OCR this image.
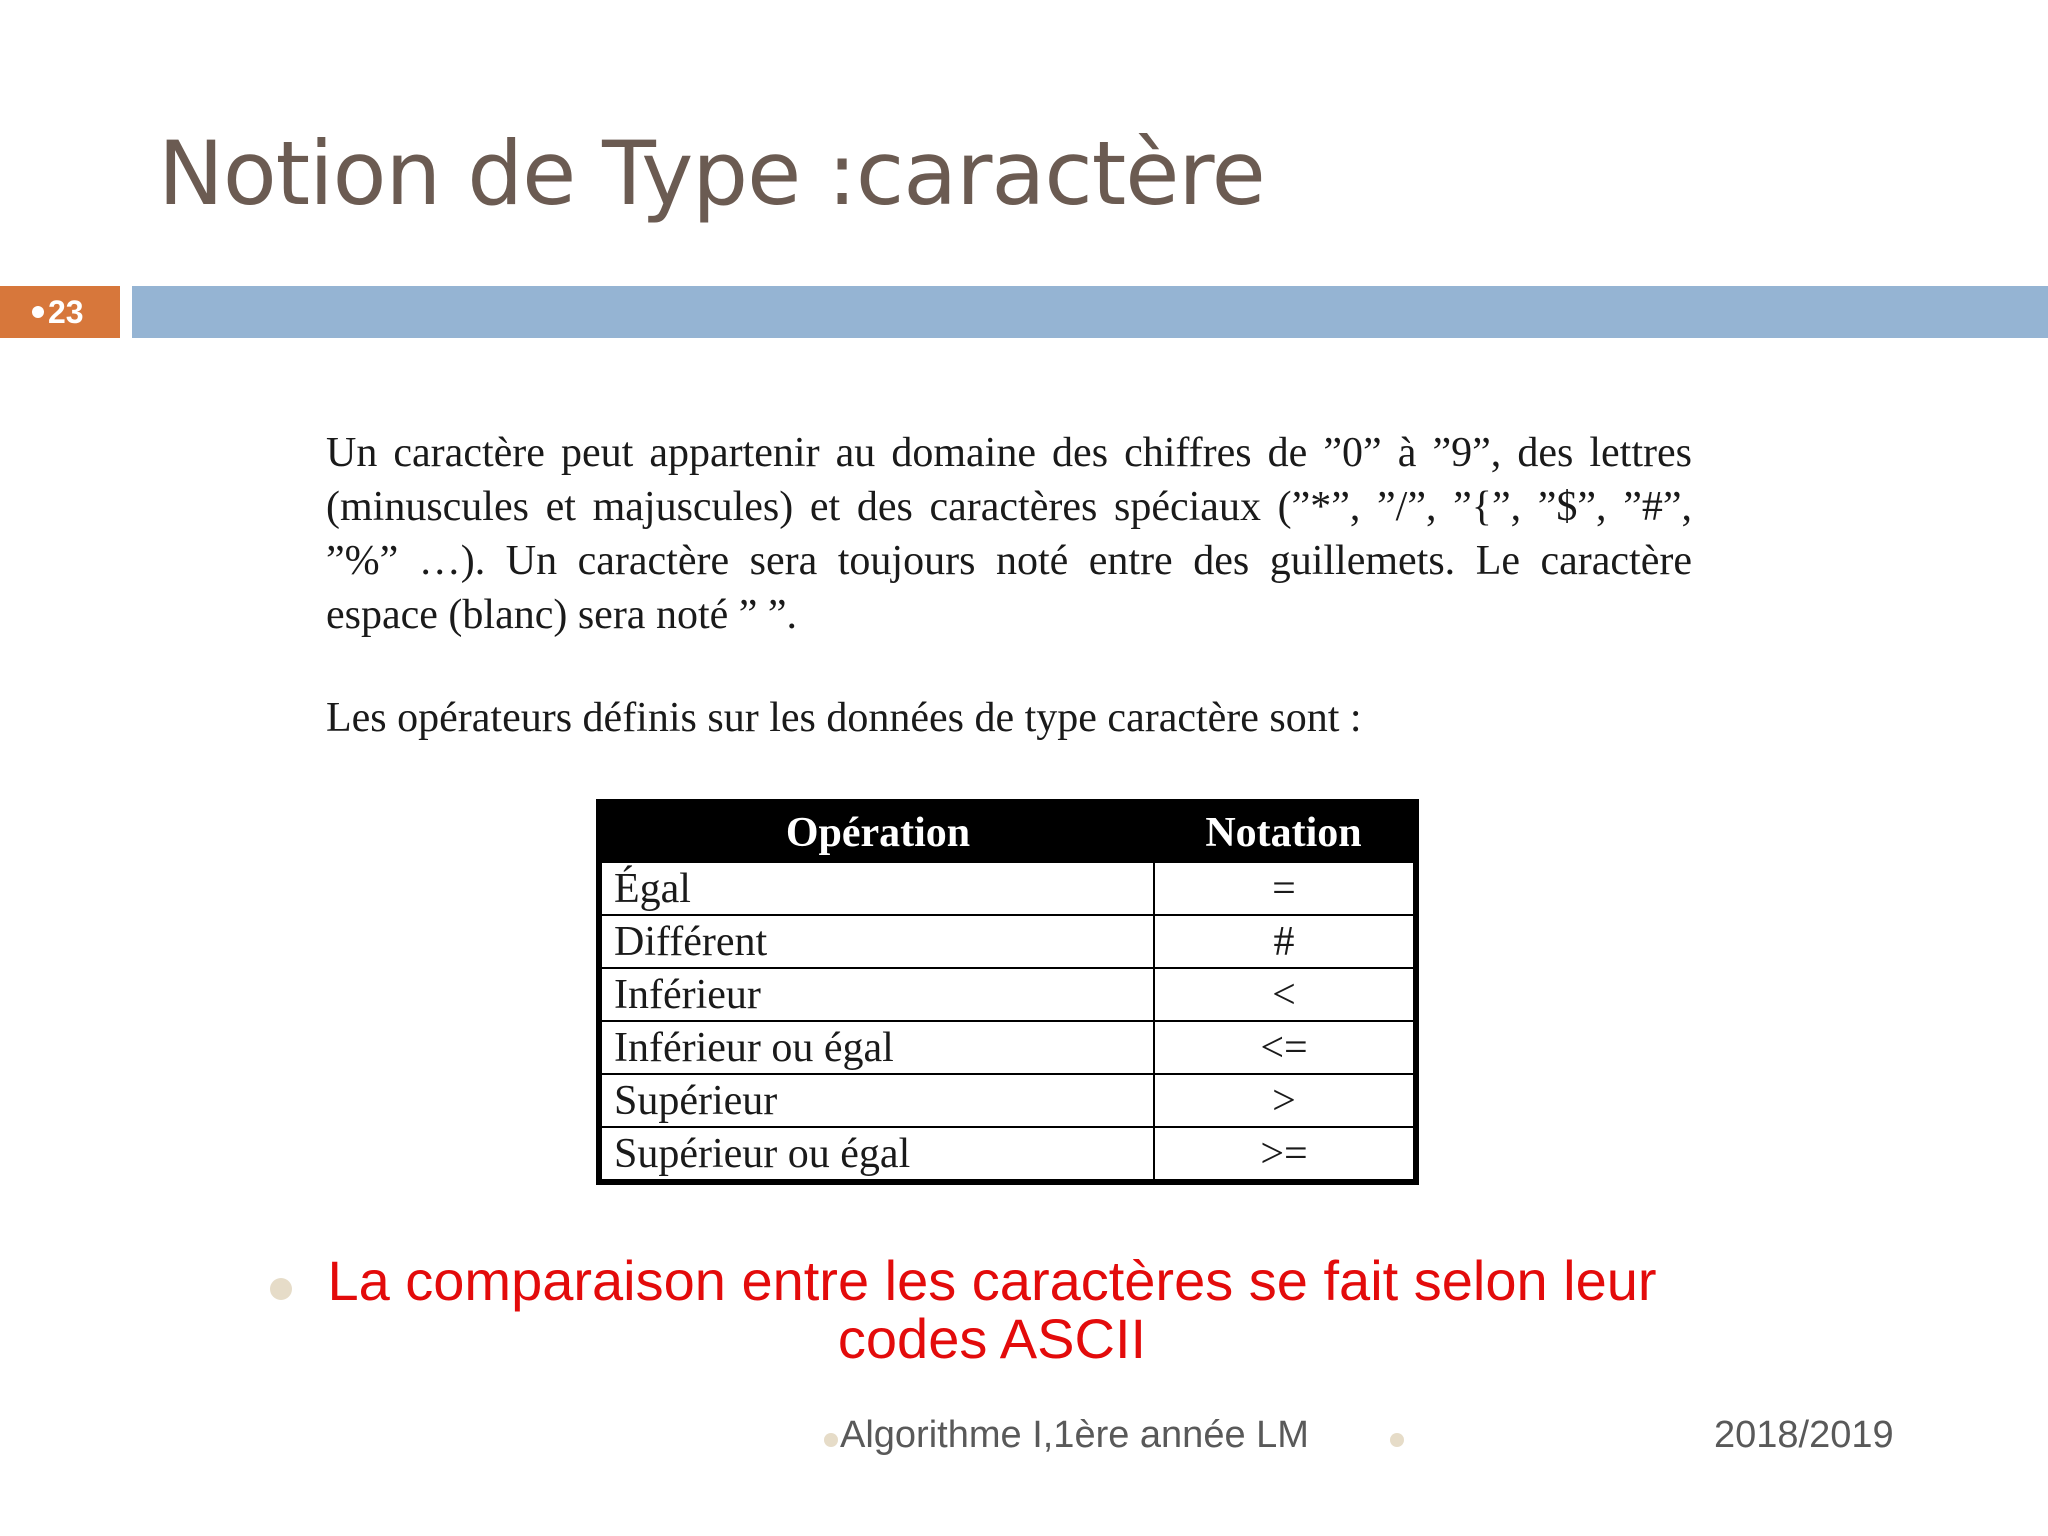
Notion de Type :caractère
23
Un caractère peut appartenir au domaine des chiffres de ”0” à ”9”, des lettres (minuscules et majuscules) et des caractères spéciaux (”*”, ”/”, ”{”, ”$”, ”#”, ”%” …). Un caractère sera toujours noté entre des guillemets. Le caractère espace (blanc) sera noté ” ”.
Les opérateurs définis sur les données de type caractère sont :
Opération	Notation
Égal	=
Différent	#
Inférieur	<
Inférieur ou égal	<=
Supérieur	>
Supérieur ou égal	>=
La comparaison entre les caractères se fait selon leur codes ASCII
Algorithme I,1ère année LM	2018/2019
